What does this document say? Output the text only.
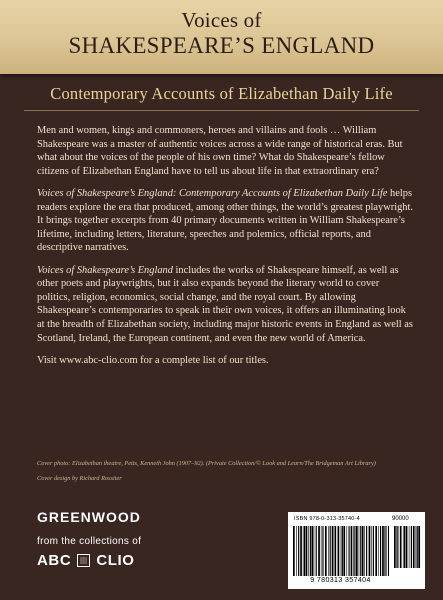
Voices of
SHAKESPEARE’S ENGLAND
Contemporary Accounts of Elizabethan Daily Life

Men and women, kings and commoners, heroes and villains and fools … William Shakespeare was a master of authentic voices across a wide range of historical eras. But what about the voices of the people of his own time? What do Shakespeare’s fellow citizens of Elizabethan England have to tell us about life in that extraordinary era?

Voices of Shakespeare’s England: Contemporary Accounts of Elizabethan Daily Life helps readers explore the era that produced, among other things, the world’s greatest playwright. It brings together excerpts from 40 primary documents written in William Shakespeare’s lifetime, including letters, literature, speeches and polemics, official reports, and descriptive narratives.

Voices of Shakespeare’s England includes the works of Shakespeare himself, as well as other poets and playwrights, but it also expands beyond the literary world to cover politics, religion, economics, social change, and the royal court. By allowing Shakespeare’s contemporaries to speak in their own voices, it offers an illuminating look at the breadth of Elizabethan society, including major historic events in England as well as Scotland, Ireland, the European continent, and even the new world of America.

Visit www.abc-clio.com for a complete list of our titles.

Cover photo: Elizabethan theatre, Petts, Kenneth John (1907–92). (Private Collection/© Look and Learn/The Bridgeman Art Library)
Cover design by Richard Rossiter
GREENWOOD
from the collections of
ABC CLIO
ISBN 978-0-313-35740-4	90000
9 780313 357404
